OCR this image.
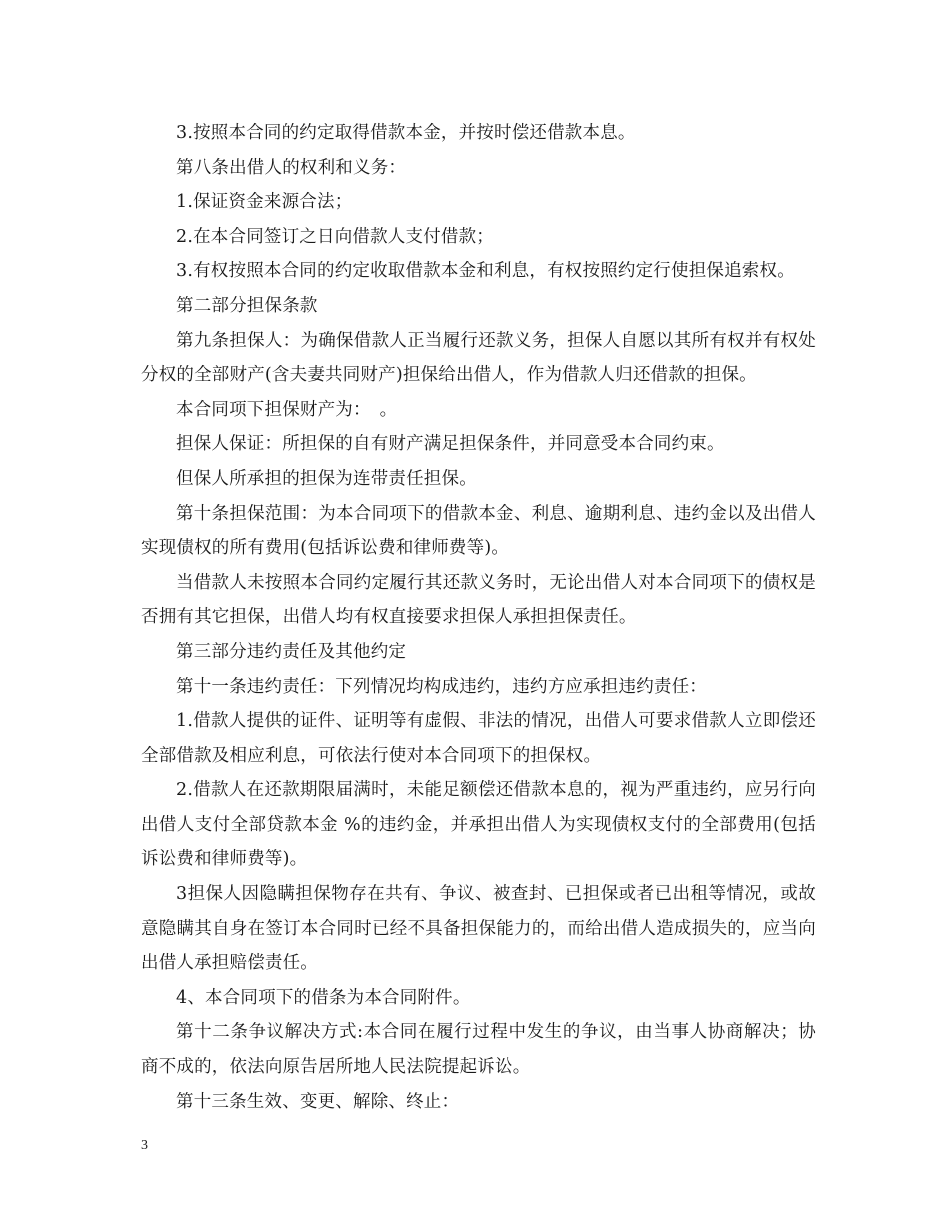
3.按照本合同的约定取得借款本金，并按时偿还借款本息。

第八条出借人的权利和义务：

1.保证资金来源合法；

2.在本合同签订之日向借款人支付借款；

3.有权按照本合同的约定收取借款本金和利息，有权按照约定行使担保追索权。

第二部分担保条款

第九条担保人：为确保借款人正当履行还款义务，担保人自愿以其所有权并有权处分权的全部财产(含夫妻共同财产)担保给出借人，作为借款人归还借款的担保。

本合同项下担保财产为：　。

担保人保证：所担保的自有财产满足担保条件，并同意受本合同约束。

但保人所承担的担保为连带责任担保。

第十条担保范围：为本合同项下的借款本金、利息、逾期利息、违约金以及出借人实现债权的所有费用(包括诉讼费和律师费等)。

当借款人未按照本合同约定履行其还款义务时，无论出借人对本合同项下的债权是否拥有其它担保，出借人均有权直接要求担保人承担担保责任。

第三部分违约责任及其他约定

第十一条违约责任：下列情况均构成违约，违约方应承担违约责任：

1.借款人提供的证件、证明等有虚假、非法的情况，出借人可要求借款人立即偿还全部借款及相应利息，可依法行使对本合同项下的担保权。

2.借款人在还款期限届满时，未能足额偿还借款本息的，视为严重违约，应另行向出借人支付全部贷款本金 %的违约金，并承担出借人为实现债权支付的全部费用(包括诉讼费和律师费等)。

3担保人因隐瞒担保物存在共有、争议、被查封、已担保或者已出租等情况，或故意隐瞒其自身在签订本合同时已经不具备担保能力的，而给出借人造成损失的，应当向出借人承担赔偿责任。

4、本合同项下的借条为本合同附件。

第十二条争议解决方式:本合同在履行过程中发生的争议，由当事人协商解决；协商不成的，依法向原告居所地人民法院提起诉讼。

第十三条生效、变更、解除、终止：

3
